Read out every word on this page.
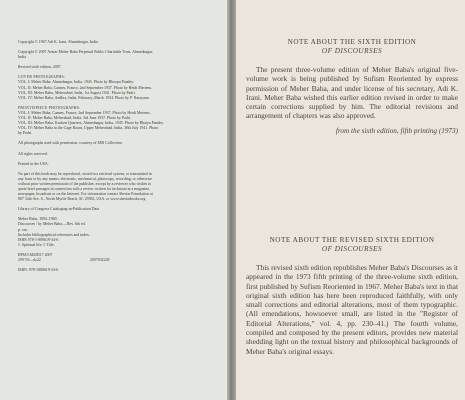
Copyright © 1967 Adi K. Irani, Ahmednagar, India
Copyright © 2007 Avatar Meher Baba Perpetual Public Charitable Trust, Ahmednagar,
India
Revised sixth edition, 2007.
COVER PHOTOGRAPHS:
VOL. I: Meher Baba, Ahmednagar, India, 1945. Photo by Bhoopa Pandey.
VOL. II: Meher Baba, Cannes, France, 2nd September 1937. Photo by Heidi Mertens.
VOL. III: Meher Baba, Meherabad, India, 1st August 1941. Photo by Padri.
VOL. IV: Meher Baba, Andhra, India, February–March 1954. Photo by P. Narayana.
FRONTISPIECE PHOTOGRAPHS:
VOL. I: Meher Baba, Cannes, France, 2nd September 1937. Photo by Heidi Mertens.
VOL. II: Meher Baba, Meherabad, India, 3rd June 1937. Photo by Padri.
VOL. III: Meher Baba, Kuchen Quarters, Ahmednagar, India, 1945. Photo by Bhaiya Pandey.
VOL. IV: Meher Baba in the Cage Room, Upper Meherabad, India, 30th July 1941. Photo
by Padri.
All photographs used with permission, courtesy of MSI Collection.
All rights reserved.
Printed in the USA.
No part of this book may be reproduced, stored in a retrieval system, or transmitted in
any form or by any means, electronic, mechanical, photocopy, recording, or otherwise
without prior written permission of the publisher, except by a reviewer who wishes to
quote brief passages in connection with a review written for inclusion in a magazine,
newspaper, broadcast or on the Internet. For information contact Sheriar Foundation at
807 34th Ave. S., North Myrtle Beach, SC 29582, USA, or www.sheriarbooks.org.
Library of Congress Cataloging-in-Publication Data
Meher Baba, 1894–1969.
Discourses / by Meher Baba.—Rev. 6th ed.
p. cm.
Includes bibliographical references and index.
ISBN 978-1-880619-34-6
1. Spiritual life. I. Title.
BP610.M43D17 2007
299'.93—dc22	2007032228
ISBN: 978-1880619-34-6
NOTE ABOUT THE SIXTH EDITION
OF DISCOURSES
The present three-volume edition of Meher Baba's original five-volume work is being published by Sufism Reoriented by express permission of Meher Baba, and under license of his secretary, Adi K. Irani. Meher Baba wished this earlier edition revised in order to make certain corrections supplied by him. The editorial revisions and arrangement of chapters was also approved.
from the sixth edition, fifth printing (1973)
NOTE ABOUT THE REVISED SIXTH EDITION
OF DISCOURSES
This revised sixth edition republishes Meher Baba's Discourses as it appeared in the 1973 fifth printing of the three-volume sixth edition, first published by Sufism Reoriented in 1967. Meher Baba's text in that original sixth edition has here been reproduced faithfully, with only small corrections and editorial alterations, most of them typographic. (All emendations, howsoever small, are listed in the "Register of Editorial Alterations," vol. 4, pp. 230–41.) The fourth volume, compiled and composed by the present editors, provides new material shedding light on the textual history and philosophical backgrounds of Meher Baba's original essays.
